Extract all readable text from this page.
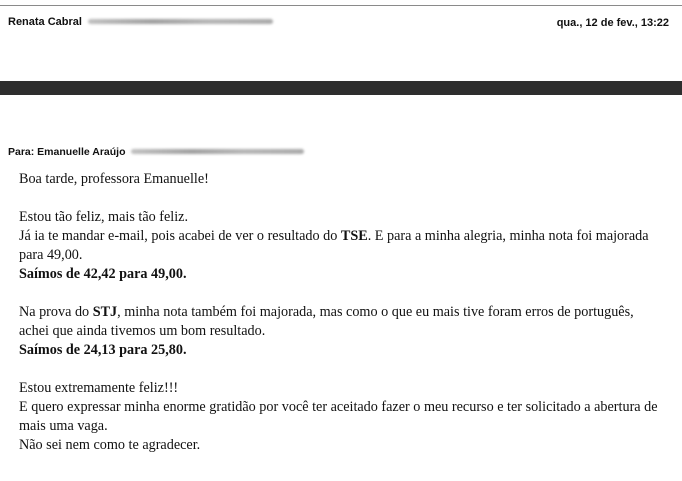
Renata Cabral	qua., 12 de fev., 13:22
Para: Emanuelle Araújo

Boa tarde, professora Emanuelle!

Estou tão feliz, mais tão feliz.

Já ia te mandar e-mail, pois acabei de ver o resultado do TSE. E para a minha alegria, minha nota foi majorada para 49,00.

Saímos de 42,42 para 49,00.

Na prova do STJ, minha nota também foi majorada, mas como o que eu mais tive foram erros de português, achei que ainda tivemos um bom resultado.

Saímos de 24,13 para 25,80.

Estou extremamente feliz!!!

E quero expressar minha enorme gratidão por você ter aceitado fazer o meu recurso e ter solicitado a abertura de mais uma vaga.

Não sei nem como te agradecer.
